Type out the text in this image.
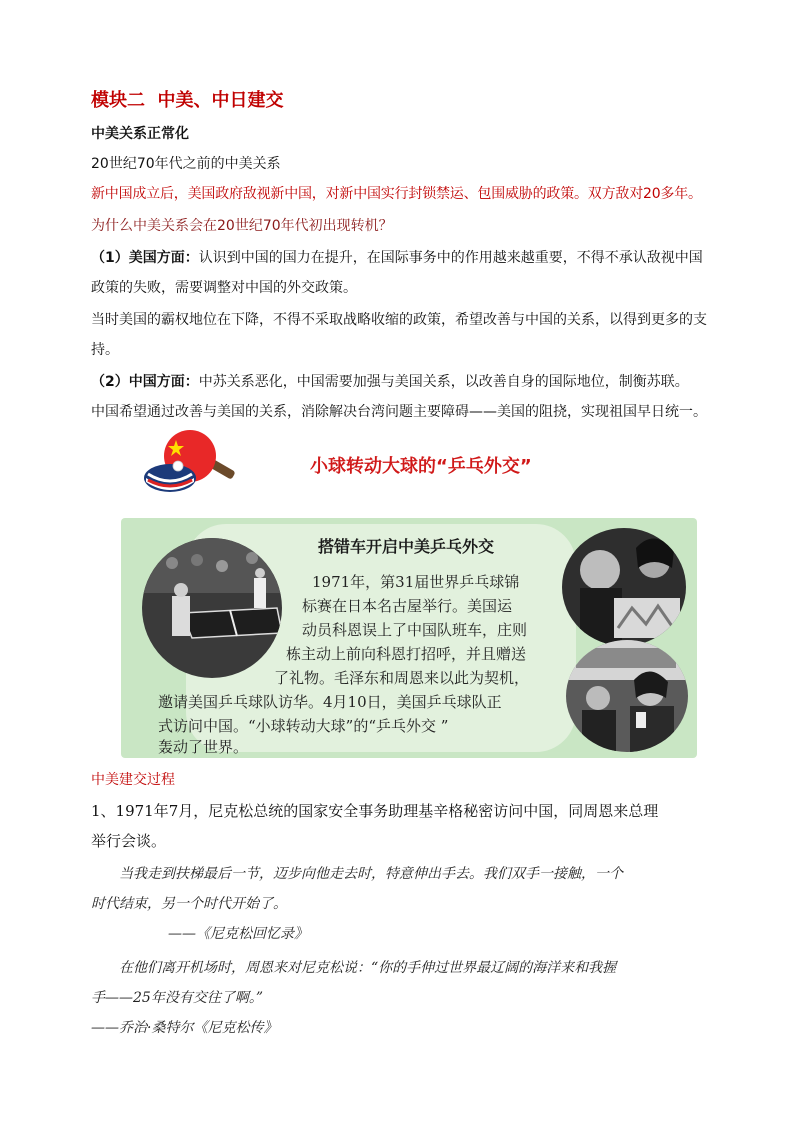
模块二  中美、中日建交
中美关系正常化
20世纪70年代之前的中美关系
新中国成立后，美国政府敌视新中国，对新中国实行封锁禁运、包围威胁的政策。双方敌对20多年。
为什么中美关系会在20世纪70年代初出现转机？
（1）美国方面：认识到中国的国力在提升，在国际事务中的作用越来越重要，不得不承认敌视中国
政策的失败，需要调整对中国的外交政策。
当时美国的霸权地位在下降，不得不采取战略收缩的政策，希望改善与中国的关系，以得到更多的支
持。
（2）中国方面：中苏关系恶化，中国需要加强与美国关系，以改善自身的国际地位，制衡苏联。
中国希望通过改善与美国的关系，消除解决台湾问题主要障碍——美国的阻挠，实现祖国早日统一。
小球转动大球的“乒乓外交”
搭错车开启中美乒乓外交
1971年，第31届世界乒乓球锦
标赛在日本名古屋举行。美国运
动员科恩误上了中国队班车，庄则
栋主动上前向科恩打招呼，并且赠送
了礼物。毛泽东和周恩来以此为契机，
邀请美国乒乓球队访华。4月10日，美国乒乓球队正
式访问中国。“小球转动大球”的“乒乓外交 ”
轰动了世界。
中美建交过程
1、1971年7月，尼克松总统的国家安全事务助理基辛格秘密访问中国，同周恩来总理
举行会谈。
当我走到扶梯最后一节，迈步向他走去时，特意伸出手去。我们双手一接触，一个
时代结束，另一个时代开始了。
——《尼克松回忆录》
在他们离开机场时，周恩来对尼克松说：“你的手伸过世界最辽阔的海洋来和我握
手——25年没有交往了啊。”
——乔治·桑特尔《尼克松传》
